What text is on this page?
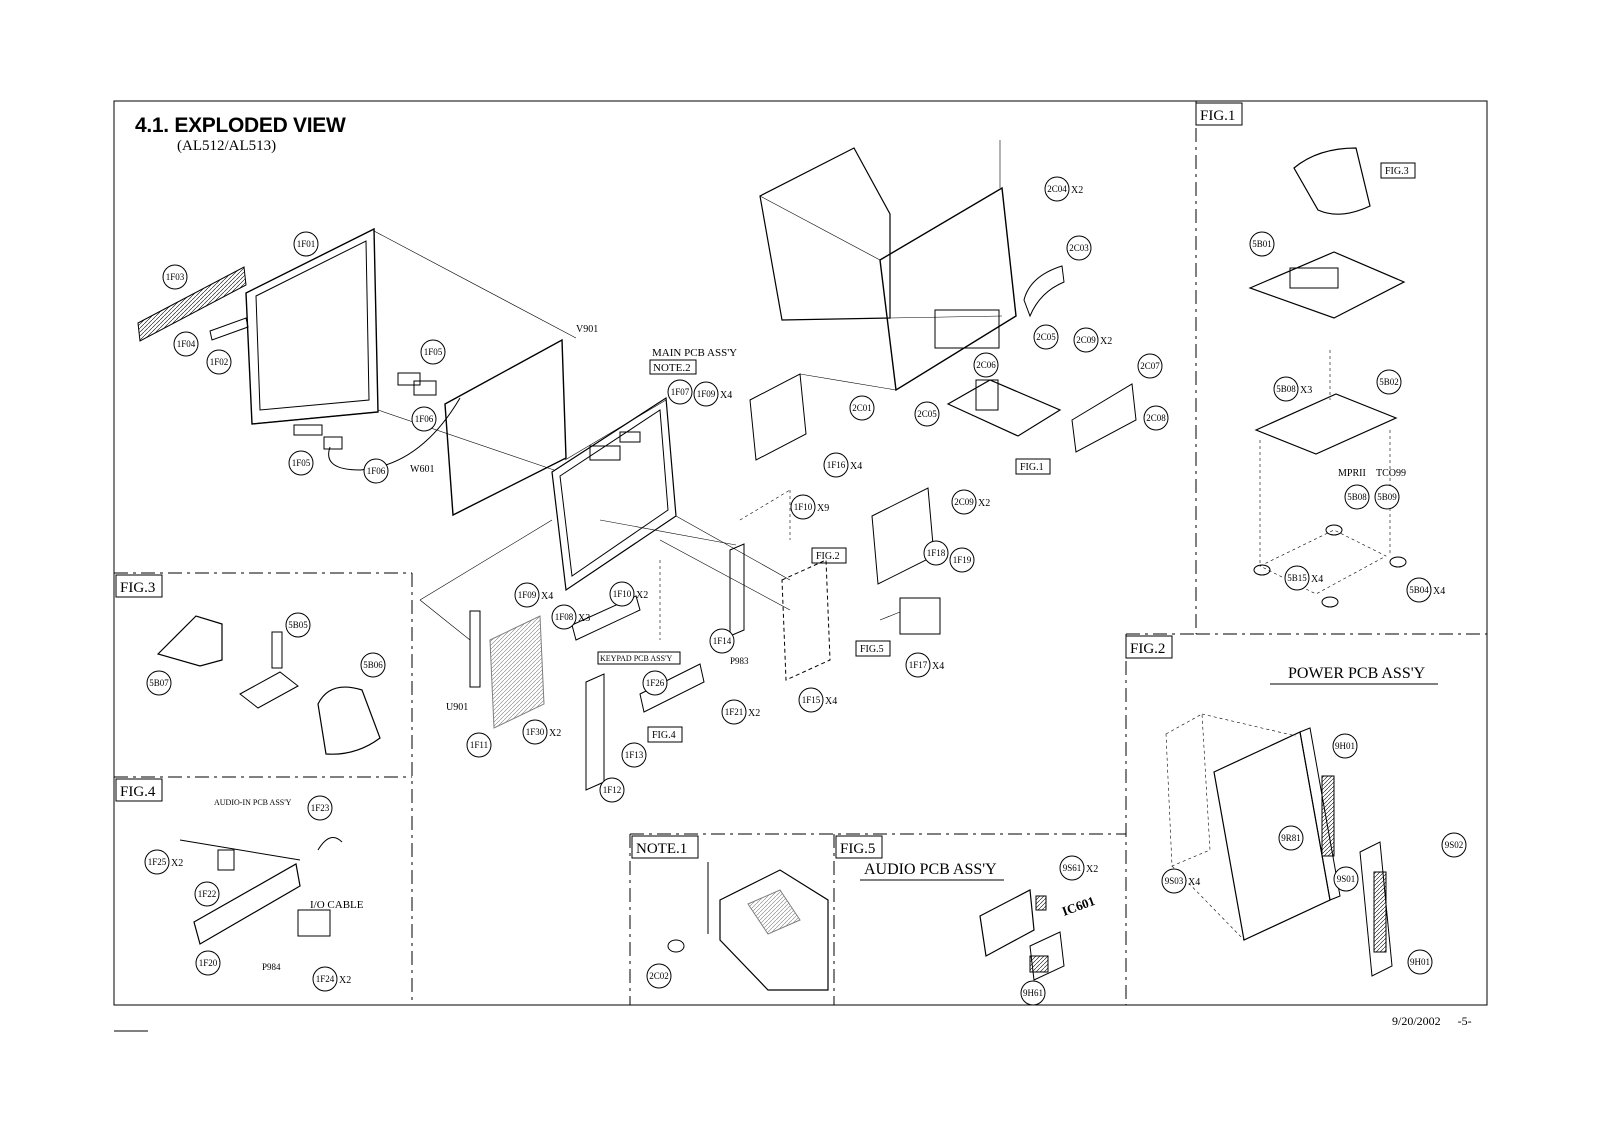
4.1. EXPLODED VIEW
(AL512/AL513)
FIG.1
FIG.2
FIG.3
FIG.4
NOTE.1	FIG.5
FIG.3
FIG.1
FIG.2
FIG.5
FIG.4
MAIN PCB ASS'Y
NOTE.2
KEYPAD PCB ASS'Y
AUDIO-IN PCB ASS'Y
I/O CABLE
POWER PCB ASS'Y
AUDIO PCB ASS'Y
IC601
MPRII TCO99
V901
W601
U901
P983
P984
1F01
1F03
1F04
1F02
1F05
1F06
1F05
1F06
1F07 1F09 X4
1F16 X4
1F10 X9
1F09 X4	1F10 X2
1F08 X3
1F14
1F26
1F21 X2
1F15 X4
1F11
1F30 X2
1F13
1F12
1F18
1F19
1F17 X4
2C04 X2
2C03
2C05 2C09 X2
2C06	2C07
2C01
2C05	2C08
2C09 X2
5B01
5B08 X3
5B02
5B08 5B09
5B15 X4
5B04 X4
5B05
5B07
5B06
1F23
1F25 X2
1F22
1F20
1F24 X2	2C02
9S61 X2
9H61
9H01
9R81
9S02
9S01
9S03 X4
9H01
9/20/2002 -5-
